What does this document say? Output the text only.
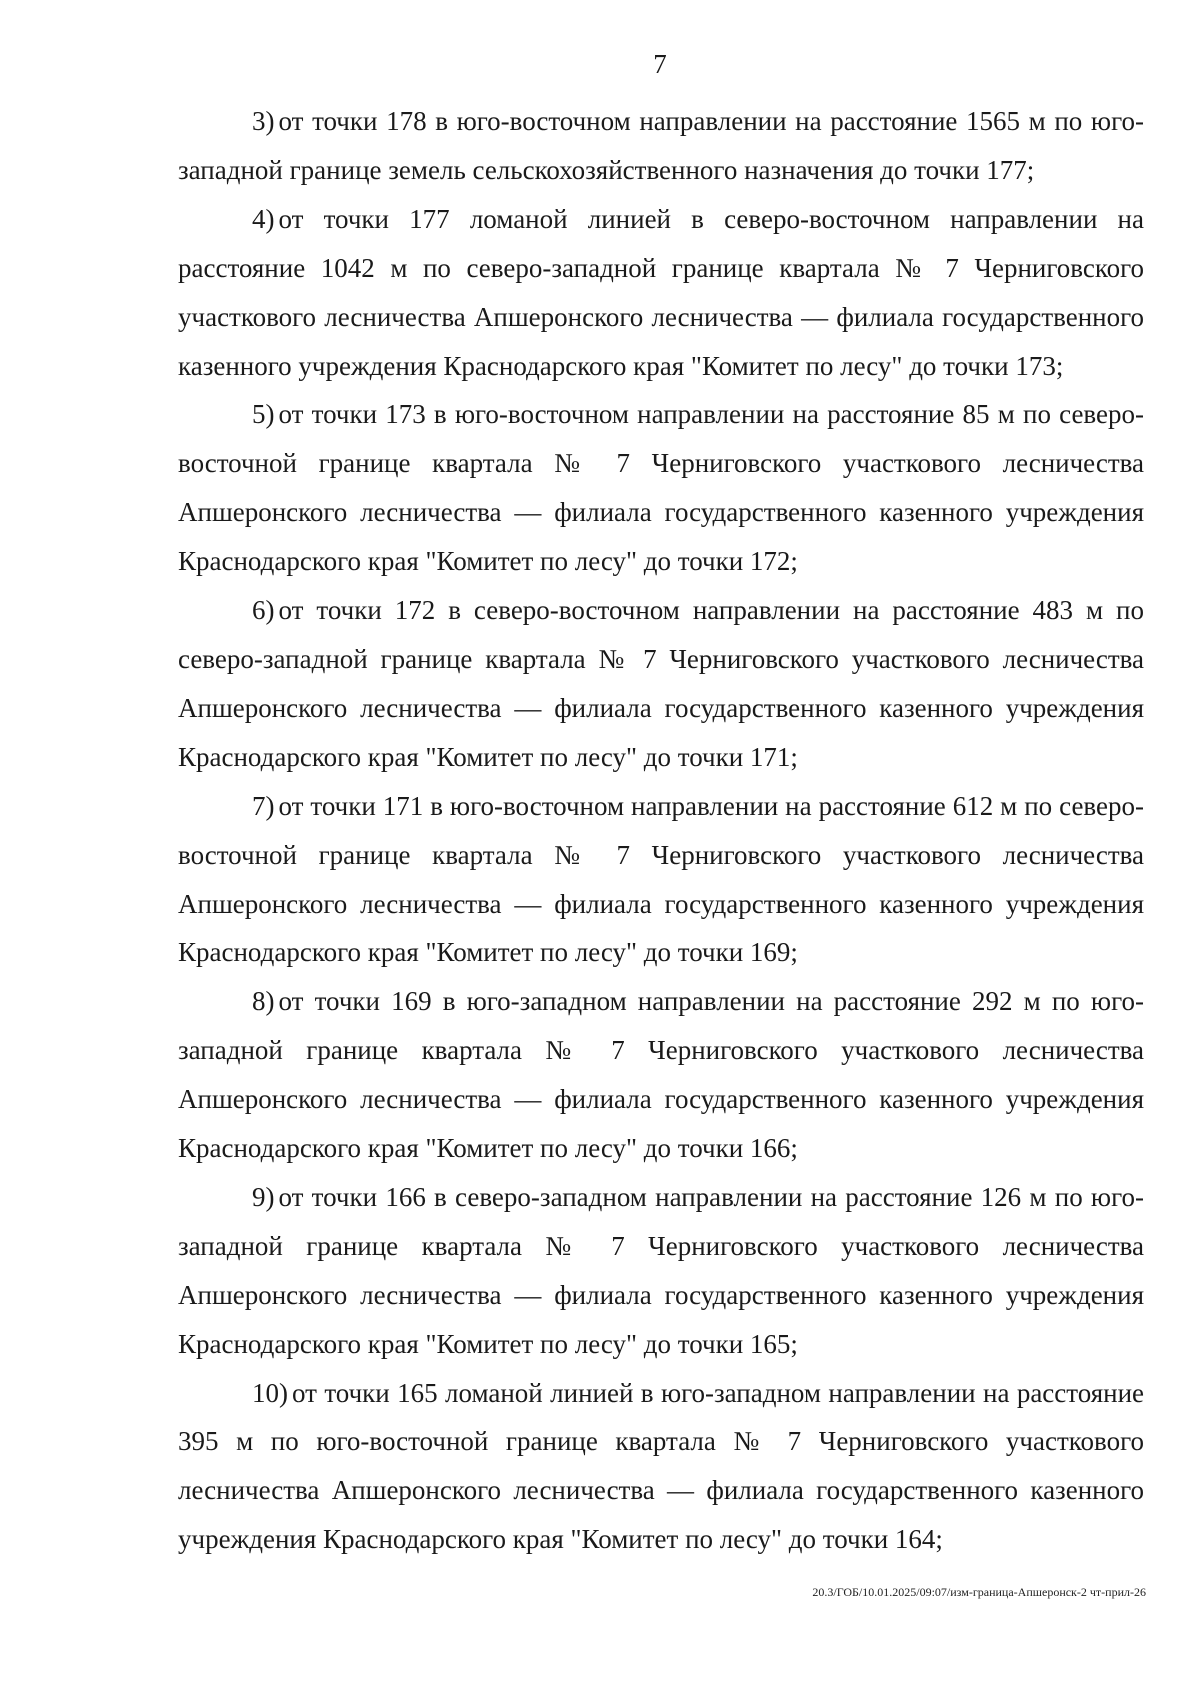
7

3) от точки 178 в юго-восточном направлении на расстояние 1565 м по юго-западной границе земель сельскохозяйственного назначения до точки 177;

4) от точки 177 ломаной линией в северо-восточном направлении на расстояние 1042 м по северо-западной границе квартала № 7 Черниговского участкового лесничества Апшеронского лесничества — филиала государственного казенного учреждения Краснодарского края "Комитет по лесу" до точки 173;

5) от точки 173 в юго-восточном направлении на расстояние 85 м по северо-восточной границе квартала № 7 Черниговского участкового лесничества Апшеронского лесничества — филиала государственного казенного учреждения Краснодарского края "Комитет по лесу" до точки 172;

6) от точки 172 в северо-восточном направлении на расстояние 483 м по северо-западной границе квартала № 7 Черниговского участкового лесничества Апшеронского лесничества — филиала государственного казенного учреждения Краснодарского края "Комитет по лесу" до точки 171;

7) от точки 171 в юго-восточном направлении на расстояние 612 м по северо-восточной границе квартала № 7 Черниговского участкового лесничества Апшеронского лесничества — филиала государственного казенного учреждения Краснодарского края "Комитет по лесу" до точки 169;

8) от точки 169 в юго-западном направлении на расстояние 292 м по юго-западной границе квартала № 7 Черниговского участкового лесничества Апшеронского лесничества — филиала государственного казенного учреждения Краснодарского края "Комитет по лесу" до точки 166;

9) от точки 166 в северо-западном направлении на расстояние 126 м по юго-западной границе квартала № 7 Черниговского участкового лесничества Апшеронского лесничества — филиала государственного казенного учреждения Краснодарского края "Комитет по лесу" до точки 165;

10) от точки 165 ломаной линией в юго-западном направлении на расстояние 395 м по юго-восточной границе квартала № 7 Черниговского участкового лесничества Апшеронского лесничества — филиала государственного казенного учреждения Краснодарского края "Комитет по лесу" до точки 164;

20.3/ГОБ/10.01.2025/09:07/изм-граница-Апшеронск-2 чт-прил-26
